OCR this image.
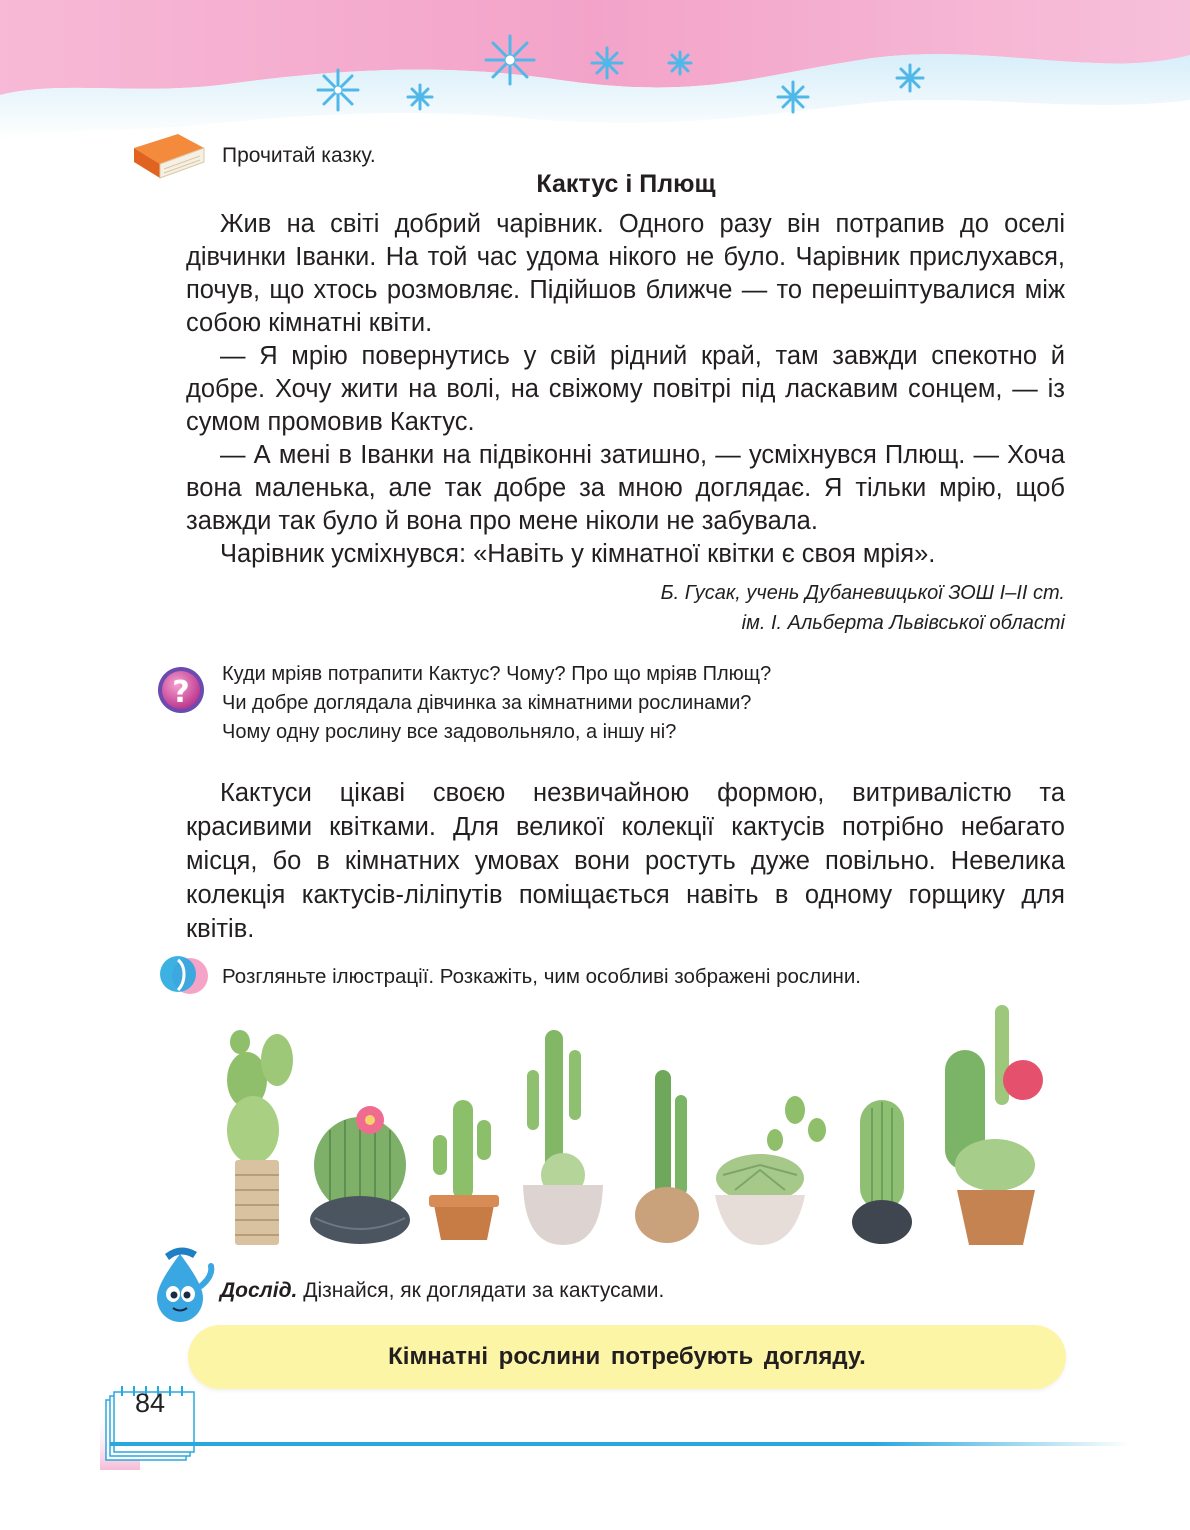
Прочитай казку.
Кактус і Плющ

Жив на світі добрий чарівник. Одного разу він потрапив до оселі дівчинки Іванки. На той час удома нікого не було. Чарівник прислухався, почув, що хтось розмовляє. Підійшов ближче — то перешіптувалися між собою кімнатні квіти.

— Я мрію повернутись у свій рідний край, там завжди спекотно й добре. Хочу жити на волі, на свіжому повітрі під ласкавим сонцем, — із сумом промовив Кактус.

— А мені в Іванки на підвіконні затишно, — усміхнувся Плющ. — Хоча вона маленька, але так добре за мною доглядає. Я тільки мрію, щоб завжди так було й вона про мене ніколи не забувала.

Чарівник усміхнувся: «Навіть у кімнатної квітки є своя мрія».

Б. Гусак, учень Дубаневицької ЗОШ І–ІІ ст.
ім. І. Альберта Львівської області
?
Куди мріяв потрапити Кактус? Чому? Про що мріяв Плющ?
Чи добре доглядала дівчинка за кімнатними рослинами?
Чому одну рослину все задовольняло, а іншу ні?

Кактуси цікаві своєю незвичайною формою, витривалістю та красивими квітками. Для великої колекції кактусів потрібно небагато місця, бо в кімнатних умовах вони ростуть дуже повільно. Невелика колекція кактусів-ліліпутів поміщається навіть в одному горщику для квітів.

Розгляньте ілюстрації. Розкажіть, чим особливі зображені рослини.
Дослід. Дізнайся, як доглядати за кактусами.
Кімнатні рослини потребують догляду.
84
